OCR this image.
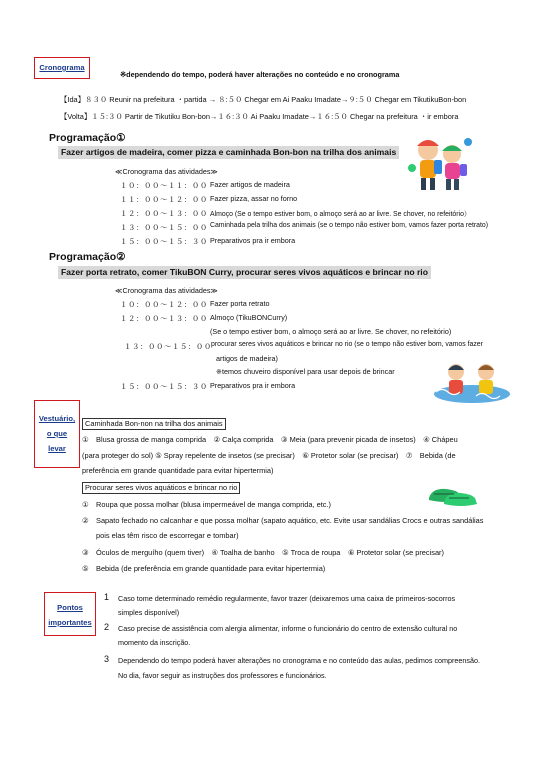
Cronograma
※dependendo do tempo, poderá haver alterações no conteúdo e no cronograma
【Ida】８３０ Reunir na prefeitura ・partida → ８:５０ Chegar em Ai Paaku Imadate→９:５０ Chegar em TikutikuBon-bon
【Volta】１５:３０ Partir de Tikutiku Bon-bon→１６:３０ Ai Paaku Imadate→１６:５０ Chegar na prefeitura ・ir embora
Programação①
Fazer artigos de madeira, comer pizza e caminhada Bon-bon na trilha dos animais
≪Cronograma das atividades≫
１０：００～１１：００ Fazer artigos de madeira
１１：００～１２：００ Fazer pizza, assar no forno
１２：００～１３：００ Almoço (Se o tempo estiver bom, o almoço será ao ar livre. Se chover, no refeitório）
１３：００～１５：００ Caminhada pela trilha dos animais (se o tempo não estiver bom, vamos fazer porta retrato)
１５：００～１５：３０ Preparativos pra ir embora
Programação②
Fazer porta retrato, comer TikuBON Curry, procurar seres vivos aquáticos e brincar no rio
≪Cronograma das atividades≫
１０：００～１２：００ Fazer porta retrato
１２：００～１３：００ Almoço (TikuBONCurry)
(Se o tempo estiver bom, o almoço será ao ar livre. Se chover, no refeitório)
１３：００～１５：００ procurar seres vivos aquáticos e brincar no rio (se o tempo não estiver bom, vamos fazer
artigos de madeira)
※temos chuveiro disponível para usar depois de brincar
１５：００～１５：３０ Preparativos pra ir embora
Vestuário,
o que
levar
Caminhada Bon-non na trilha dos animais
①　Blusa grossa de manga comprida　② Calça comprida　③ Meia (para prevenir picada de insetos)　④ Chápeu
(para proteger do sol) ⑤ Spray repelente de insetos (se precisar)　⑥ Protetor solar (se precisar)　⑦　Bebida (de
preferência em grande quantidade para evitar hipertermia)
Procurar seres vivos aquáticos e brincar no rio
①　Roupa que possa molhar (blusa impermeável de manga comprida, etc.)
②　Sapato fechado no calcanhar e que possa molhar (sapato aquático, etc. Evite usar sandálias Crocs e outras sandálias
pois elas têm risco de escorregar e tombar)
③　Óculos de merguího (quem tiver)　④ Toalha de banho　⑤ Troca de roupa　⑥ Protetor solar (se precisar)
⑤　Bebida (de preferência em grande quantidade para evitar hipertermia)
Pontos
importantes
1 Caso tome determinado remédio regularmente, favor trazer (deixaremos uma caixa de primeiros-socorros
simples disponível)
2 Caso precise de assistência com alergia alimentar, informe o funcionário do centro de extensão cultural no
momento da inscrição.
3 Dependendo do tempo poderá haver alterações no cronograma e no conteúdo das aulas, pedimos compreensão.
No dia, favor seguir as instruções dos professores e funcionários.
